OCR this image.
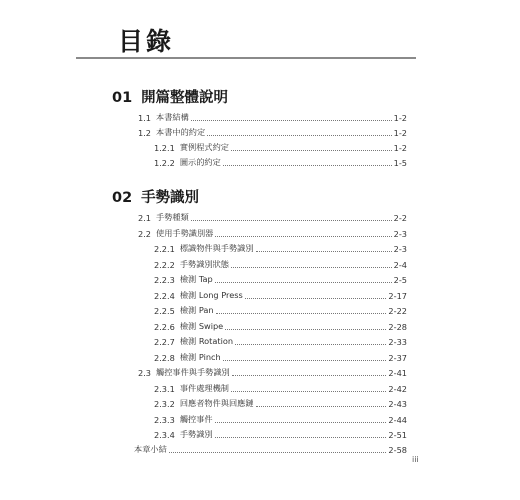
目錄
01 開篇整體說明
1.1 本書結構	1-2
1.2 本書中的約定	1-2
1.2.1 實例程式約定	1-2
1.2.2 圖示的約定	1-5
02 手勢識別
2.1 手勢種類	2-2
2.2 使用手勢識別器	2-3
2.2.1 標識物件與手勢識別	2-3
2.2.2 手勢識別狀態	2-4
2.2.3 檢測 Tap	2-5
2.2.4 檢測 Long Press	2-17
2.2.5 檢測 Pan	2-22
2.2.6 檢測 Swipe	2-28
2.2.7 檢測 Rotation	2-33
2.2.8 檢測 Pinch	2-37
2.3 觸控事件與手勢識別	2-41
2.3.1 事件處理機制	2-42
2.3.2 回應者物件與回應鏈	2-43
2.3.3 觸控事件	2-44
2.3.4 手勢識別	2-51
本章小結	2-58
iii
